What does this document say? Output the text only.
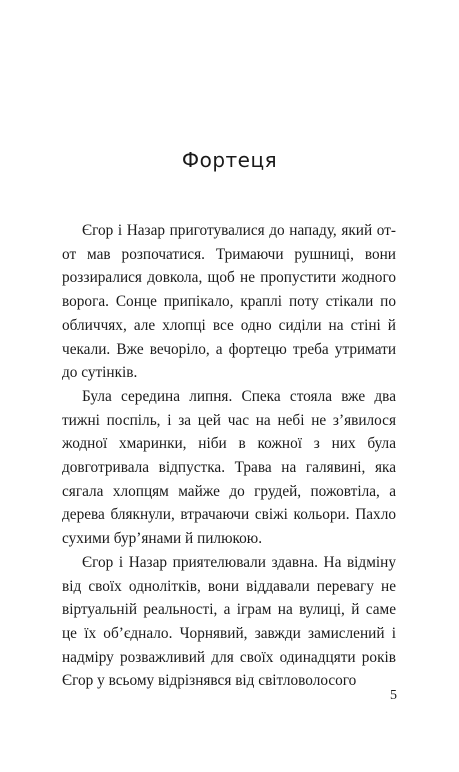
Фортеця

Єгор і Назар приготувалися до нападу, який от-от мав розпочатися. Тримаючи рушниці, вони роззиралися довкола, щоб не пропустити жодного ворога. Сонце припікало, краплі поту стікали по обличчях, але хлопці все одно сиділи на стіні й чекали. Вже вечоріло, а фортецю треба утримати до сутінків.

Була середина липня. Спека стояла вже два тижні поспіль, і за цей час на небі не з’явилося жодної хмаринки, ніби в кожної з них була довготривала відпустка. Трава на галявині, яка сягала хлопцям майже до грудей, пожовтіла, а дерева блякнули, втрачаючи свіжі кольори. Пахло сухими бур’янами й пилюкою.

Єгор і Назар приятелювали здавна. На відміну від своїх однолітків, вони віддавали перевагу не віртуальній реальності, а іграм на вулиці, й саме це їх об’єднало. Чорнявий, завжди замислений і надміру розважливий для своїх одинадцяти років Єгор у всьому відрізнявся від світловолосого

5
